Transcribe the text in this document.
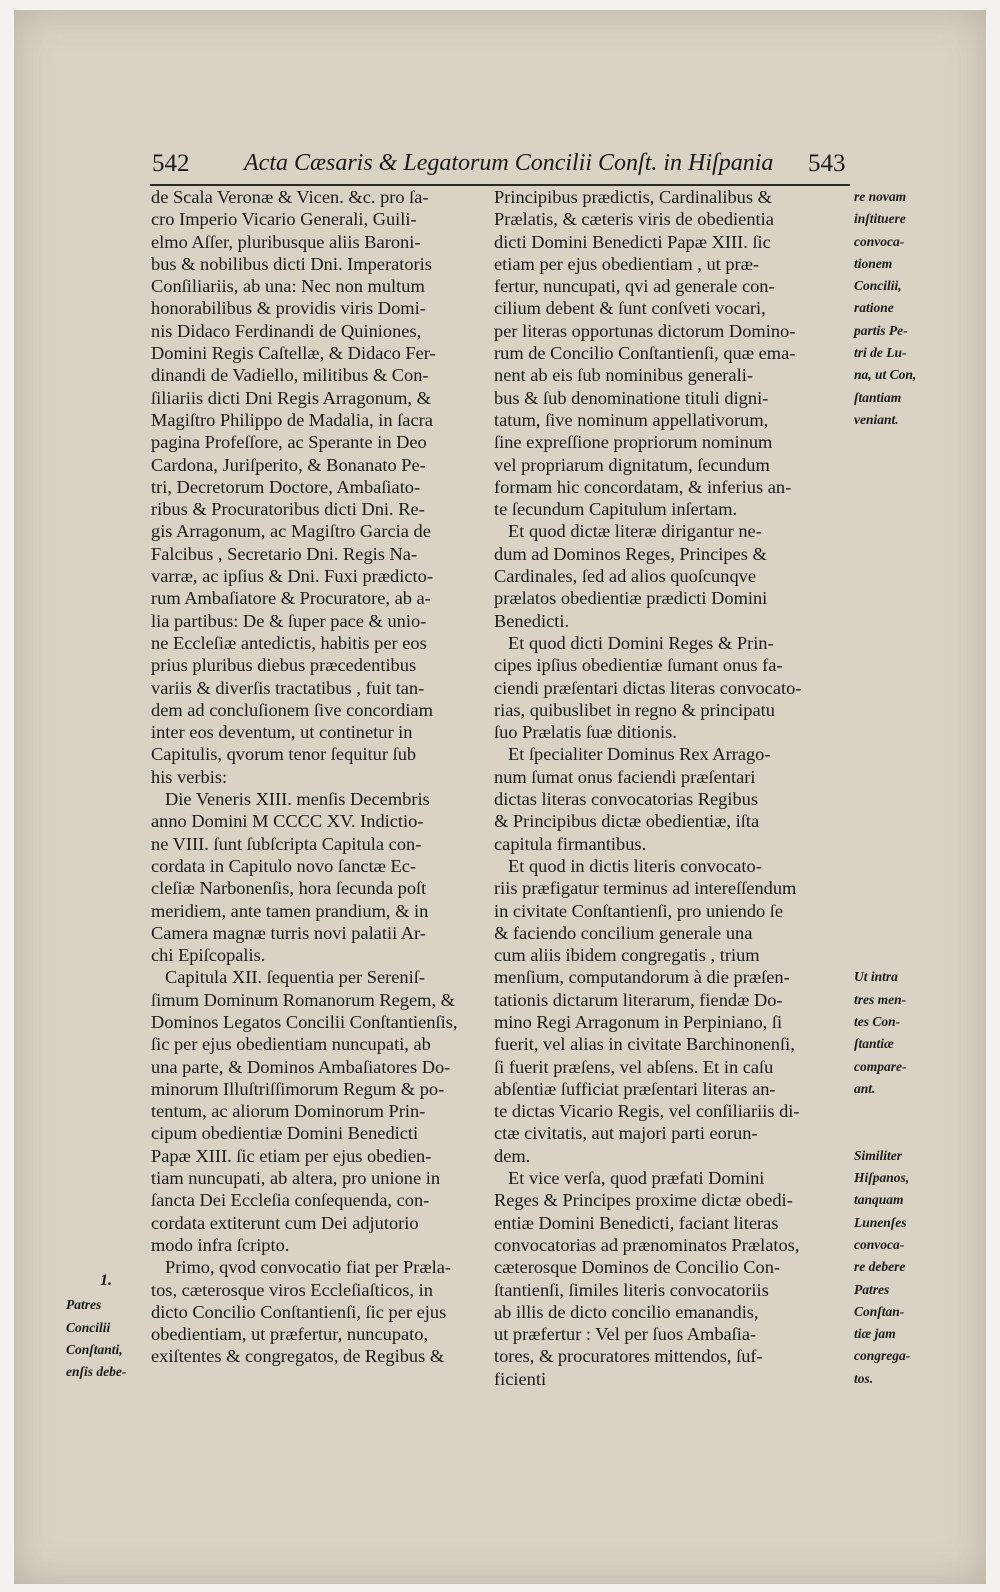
542 Acta Cæsaris & Legatorum Concilii Conſt. in Hiſpania 543
de Scala Veronæ & Vicen. &c. pro ſa-
cro Imperio Vicario Generali, Guili-
elmo Aſſer, pluribusque aliis Baroni-
bus & nobilibus dicti Dni. Imperatoris
Conſiliariis, ab una: Nec non multum
honorabilibus & providis viris Domi-
nis Didaco Ferdinandi de Quiniones,
Domini Regis Caſtellæ, & Didaco Fer-
dinandi de Vadiello, militibus & Con-
ſiliariis dicti Dni Regis Arragonum, &
Magiſtro Philippo de Madalia, in ſacra
pagina Profeſſore, ac Sperante in Deo
Cardona, Juriſperito, & Bonanato Pe-
tri, Decretorum Doctore, Ambaſiato-
ribus & Procuratoribus dicti Dni. Re-
gis Arragonum, ac Magiſtro Garcia de
Falcibus , Secretario Dni. Regis Na-
varræ, ac ipſius & Dni. Fuxi prædicto-
rum Ambaſiatore & Procuratore, ab a-
lia partibus: De & ſuper pace & unio-
ne Eccleſiæ antedictis, habitis per eos
prius pluribus diebus præcedentibus
variis & diverſis tractatibus , fuit tan-
dem ad concluſionem ſive concordiam
inter eos deventum, ut continetur in
Capitulis, qvorum tenor ſequitur ſub
his verbis:
Die Veneris XIII. menſis Decembris
anno Domini M CCCC XV. Indictio-
ne VIII. ſunt ſubſcripta Capitula con-
cordata in Capitulo novo ſanctæ Ec-
cleſiæ Narbonenſis, hora ſecunda poſt
meridiem, ante tamen prandium, & in
Camera magnæ turris novi palatii Ar-
chi Epiſcopalis.
Capitula XII. ſequentia per Sereniſ-
ſimum Dominum Romanorum Regem, &
Dominos Legatos Concilii Conſtantienſis,
ſic per ejus obedientiam nuncupati, ab
una parte, & Dominos Ambaſiatores Do-
minorum Illuſtriſſimorum Regum & po-
tentum, ac aliorum Dominorum Prin-
cipum obedientiæ Domini Benedicti
Papæ XIII. ſic etiam per ejus obedien-
tiam nuncupati, ab altera, pro unione in
ſancta Dei Eccleſia conſequenda, con-
cordata extiterunt cum Dei adjutorio
modo infra ſcripto.
Primo, qvod convocatio fiat per Præla-
tos, cæterosque viros Eccleſiaſticos, in
dicto Concilio Conſtantienſi, ſic per ejus
obedientiam, ut præfertur, nuncupato,
exiſtentes & congregatos, de Regibus &
Principibus prædictis, Cardinalibus &
Prælatis, & cæteris viris de obedientia
dicti Domini Benedicti Papæ XIII. ſic
etiam per ejus obedientiam , ut præ-
fertur, nuncupati, qvi ad generale con-
cilium debent & ſunt conſveti vocari,
per literas opportunas dictorum Domino-
rum de Concilio Conſtantienſi, quæ ema-
nent ab eis ſub nominibus generali-
bus & ſub denominatione tituli digni-
tatum, ſive nominum appellativorum,
ſine expreſſione propriorum nominum
vel propriarum dignitatum, ſecundum
formam hic concordatam, & inferius an-
te ſecundum Capitulum inſertam.
Et quod dictæ literæ dirigantur ne-
dum ad Dominos Reges, Principes &
Cardinales, ſed ad alios quoſcunqve
prælatos obedientiæ prædicti Domini
Benedicti.
Et quod dicti Domini Reges & Prin-
cipes ipſius obedientiæ ſumant onus fa-
ciendi præſentari dictas literas convocato-
rias, quibuslibet in regno & principatu
ſuo Prælatis ſuæ ditionis.
Et ſpecialiter Dominus Rex Arrago-
num ſumat onus faciendi præſentari
dictas literas convocatorias Regibus
& Principibus dictæ obedientiæ, iſta
capitula firmantibus.
Et quod in dictis literis convocato-
riis præfigatur terminus ad intereſſendum
in civitate Conſtantienſi, pro uniendo ſe
& faciendo concilium generale una
cum aliis ibidem congregatis , trium
menſium, computandorum à die præſen-
tationis dictarum literarum, fiendæ Do-
mino Regi Arragonum in Perpiniano, ſi
fuerit, vel alias in civitate Barchinonenſi,
ſi fuerit præſens, vel abſens. Et in caſu
abſentiæ ſufficiat præſentari literas an-
te dictas Vicario Regis, vel conſiliariis di-
ctæ civitatis, aut majori parti eorun-
dem.
Et vice verſa, quod præfati Domini
Reges & Principes proxime dictæ obedi-
entiæ Domini Benedicti, faciant literas
convocatorias ad prænominatos Prælatos,
cæterosque Dominos de Concilio Con-
ſtantienſi, ſimiles literis convocatoriis
ab illis de dicto concilio emanandis,
ut præfertur : Vel per ſuos Ambaſia-
tores, & procuratores mittendos, ſuf-
ficienti
re novam
inſtituere
convoca-
tionem
Concilii,
ratione
partis Pe-
tri de Lu-
na, ut Con,
ſtantiam
veniant.
Ut intra
tres men-
tes Con-
ſtantiæ
compare-
ant.
Similiter
Hiſpanos,
tanquam
Lunenſes
convoca-
re debere
Patres
Conſtan-
tiæ jam
congrega-
tos.
1.
Patres
Concilii
Conſtanti,
enſis debe-
